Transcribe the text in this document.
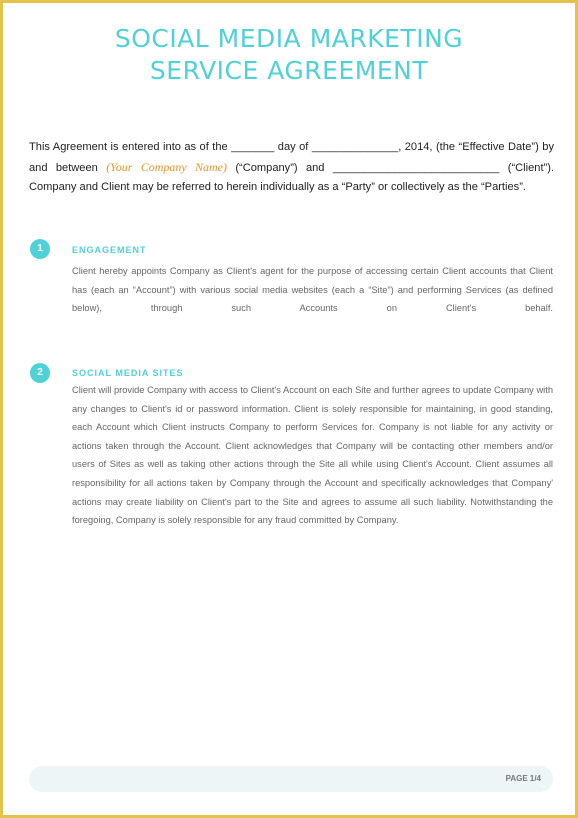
SOCIAL MEDIA MARKETING
SERVICE AGREEMENT
This Agreement is entered into as of the _______ day of ______________, 2014, (the “Effective Date”) by and between (Your Company Name) (“Company”) and ___________________________ (“Client”). Company and Client may be referred to herein individually as a “Party” or collectively as the “Parties”.
1	ENGAGEMENT
Client hereby appoints Company as Client's agent for the purpose of accessing certain Client accounts that Client has (each an “Account”) with various social media websites (each a “Site”) and performing Services (as defined below), through such Accounts on Client's behalf.
2	SOCIAL MEDIA SITES
Client will provide Company with access to Client's Account on each Site and further agrees to update Company with any changes to Client's id or password information. Client is solely responsible for maintaining, in good standing, each Account which Client instructs Company to perform Services for. Company is not liable for any activity or actions taken through the Account. Client acknowledges that Company will be contacting other members and/or users of Sites as well as taking other actions through the Site all while using Client's Account. Client assumes all responsibility for all actions taken by Company through the Account and specifically acknowledges that Company' actions may create liability on Client's part to the Site and agrees to assume all such liability. Notwithstanding the foregoing, Company is solely responsible for any fraud committed by Company.
PAGE 1/4
